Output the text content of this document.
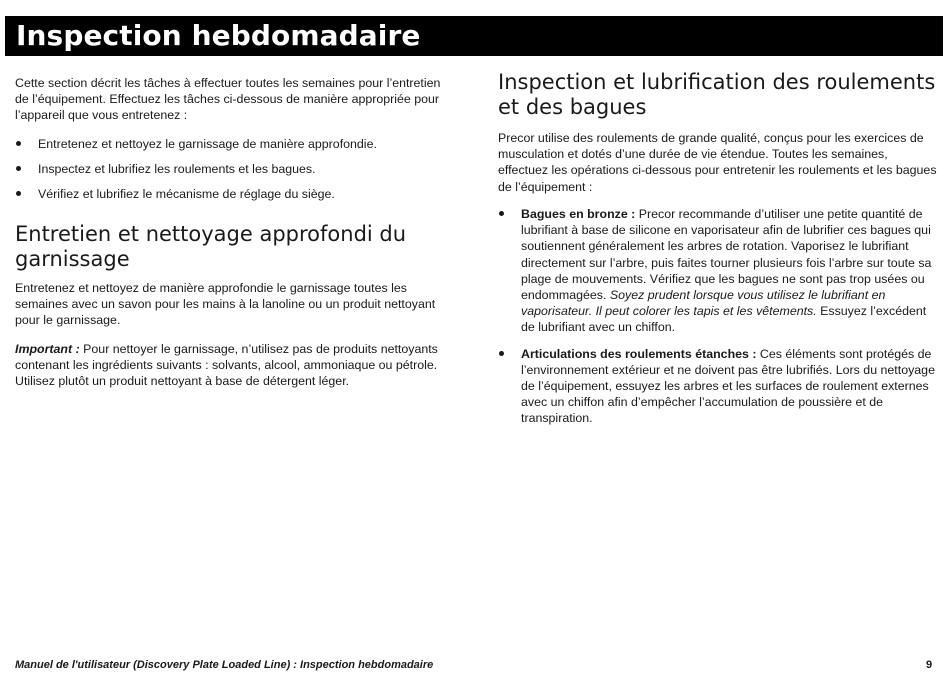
Inspection hebdomadaire

Cette section décrit les tâches à effectuer toutes les semaines pour l’entretien de l’équipement. Effectuez les tâches ci-dessous de manière appropriée pour l’appareil que vous entretenez :

Entretenez et nettoyez le garnissage de manière approfondie.
Inspectez et lubrifiez les roulements et les bagues.
Vérifiez et lubrifiez le mécanisme de réglage du siège.
Entretien et nettoyage approfondi du garnissage

Entretenez et nettoyez de manière approfondie le garnissage toutes les semaines avec un savon pour les mains à la lanoline ou un produit nettoyant pour le garnissage.

Important : Pour nettoyer le garnissage, n’utilisez pas de produits nettoyants contenant les ingrédients suivants : solvants, alcool, ammoniaque ou pétrole. Utilisez plutôt un produit nettoyant à base de détergent léger.

Inspection et lubrification des roulements et des bagues

Precor utilise des roulements de grande qualité, conçus pour les exercices de musculation et dotés d’une durée de vie étendue. Toutes les semaines, effectuez les opérations ci-dessous pour entretenir les roulements et les bagues de l’équipement :

Bagues en bronze : Precor recommande d’utiliser une petite quantité de lubrifiant à base de silicone en vaporisateur afin de lubrifier ces bagues qui soutiennent généralement les arbres de rotation. Vaporisez le lubrifiant directement sur l’arbre, puis faites tourner plusieurs fois l’arbre sur toute sa plage de mouvements. Vérifiez que les bagues ne sont pas trop usées ou endommagées. Soyez prudent lorsque vous utilisez le lubrifiant en vaporisateur. Il peut colorer les tapis et les vêtements. Essuyez l’excédent de lubrifiant avec un chiffon.
Articulations des roulements étanches : Ces éléments sont protégés de l’environnement extérieur et ne doivent pas être lubrifiés. Lors du nettoyage de l’équipement, essuyez les arbres et les surfaces de roulement externes avec un chiffon afin d’empêcher l’accumulation de poussière et de transpiration.
Manuel de l'utilisateur (Discovery Plate Loaded Line) : Inspection hebdomadaire	9
